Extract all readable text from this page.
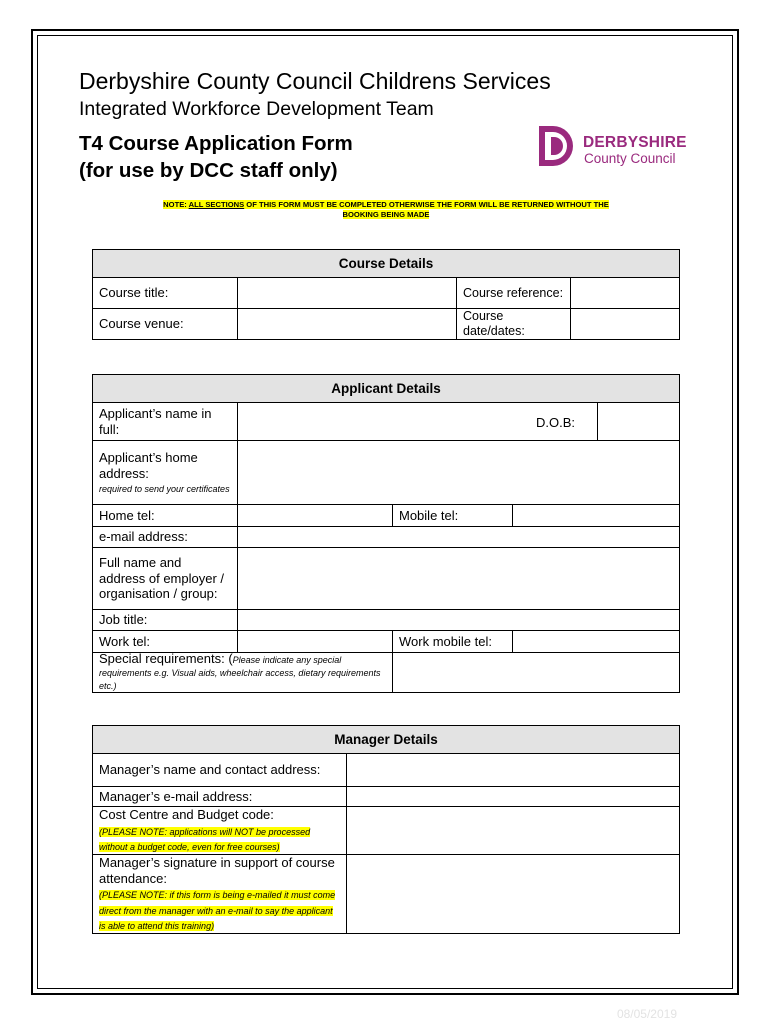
Derbyshire County Council Childrens Services
Integrated Workforce Development Team
T4 Course Application Form
(for use by DCC staff only)
DERBYSHIRE
County Council
NOTE: ALL SECTIONS OF THIS FORM MUST BE COMPLETED OTHERWISE THE FORM WILL BE RETURNED WITHOUT THE
BOOKING BEING MADE
Course Details			
Course title:		Course reference:	
Course venue:		Course date/dates:	
Applicant Details				
Applicant’s name in full:				D.O.B:

Applicant’s home address:
required to send your certificates				

Home tel:		Mobile tel:		
e-mail address:				
Full name and address of employer / organisation / group:				
Job title:				
Work tel:		Work mobile tel:		
Special requirements: (Please indicate any special
requirements e.g. Visual aids, wheelchair access, dietary requirements etc.)				
Manager Details	
Manager’s name and contact address:	
Manager’s e-mail address:	

Cost Centre and Budget code:
(PLEASE NOTE: applications will NOT be processed without a budget code, even for free courses)	

Manager’s signature in support of course attendance:
(PLEASE NOTE: if this form is being e-mailed it must come direct from the manager with an e-mail to say the applicant is able to attend this training)	

08/05/2019
